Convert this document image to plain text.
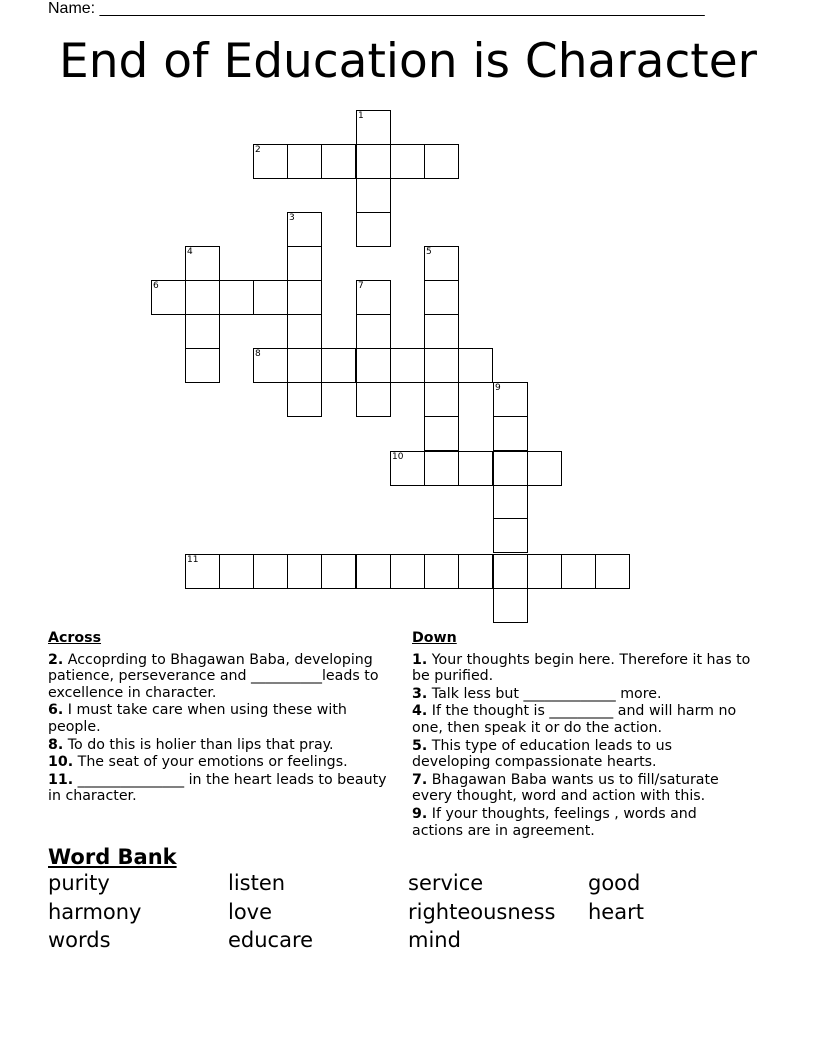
Name: ____________________________________________________________________
End of Education is Character
1
2
3
4	5
6	7
8
9
10
11
Across
2. Accoprding to Bhagawan Baba, developing patience, perseverance and __________leads to excellence in character.
6. I must take care when using these with people.
8. To do this is holier than lips that pray.
10. The seat of your emotions or feelings.
11. _______________ in the heart leads to beauty in character.
Down
1. Your thoughts begin here. Therefore it has to be purified.
3. Talk less but _____________ more.
4. If the thought is _________ and will harm no one, then speak it or do the action.
5. This type of education leads to us developing compassionate hearts.
7. Bhagawan Baba wants us to fill/saturate every thought, word and action with this.
9. If your thoughts, feelings , words and actions are in agreement.
Word Bank
purity	listen	service	good
harmony	love	righteousness	heart
words	educare	mind
